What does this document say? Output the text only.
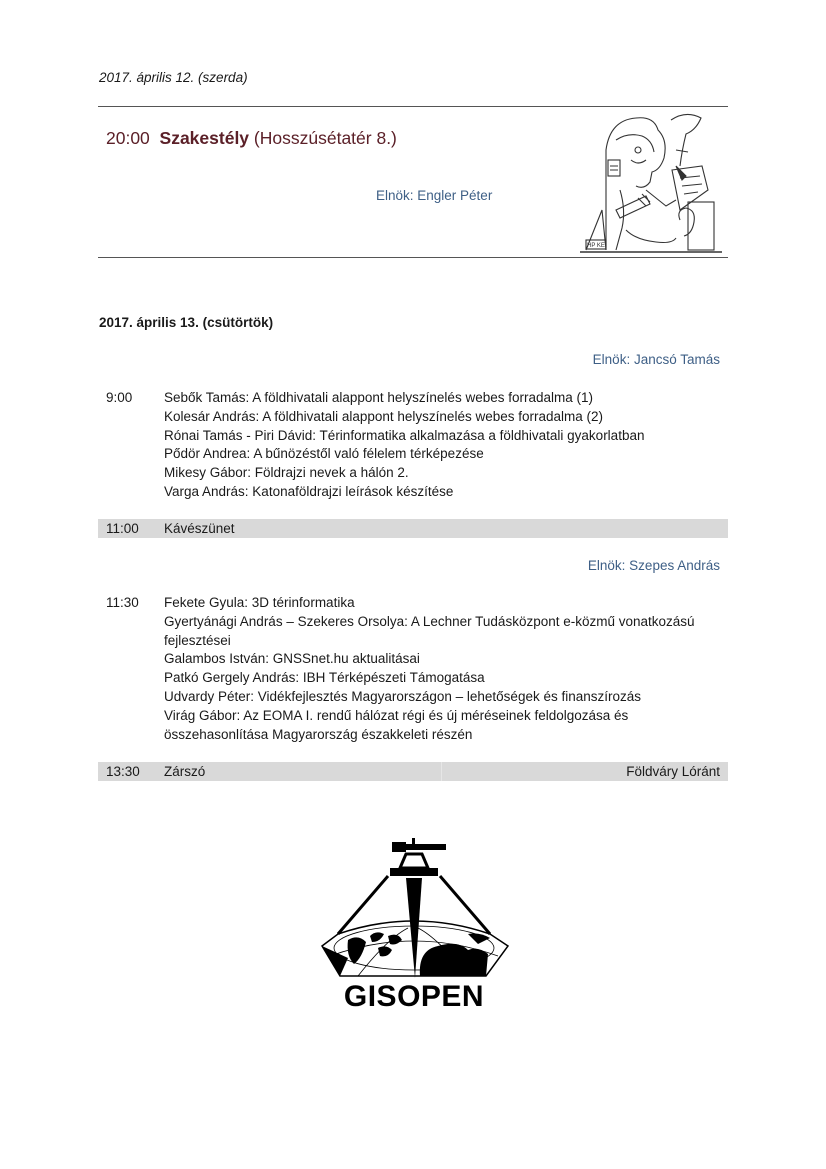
2017. április 12. (szerda)
20:00 Szakestély (Hosszúsétatér 8.)
Elnök: Engler Péter
HP KE
2017. április 13. (csütörtök)
Elnök: Jancsó Tamás
9:00	Sebők Tamás: A földhivatali alappont helyszínelés webes forradalma (1)
Kolesár András: A földhivatali alappont helyszínelés webes forradalma (2)
Rónai Tamás - Piri Dávid: Térinformatika alkalmazása a földhivatali gyakorlatban
Pődör Andrea: A bűnözéstől való félelem térképezése
Mikesy Gábor: Földrajzi nevek a hálón 2.
Varga András: Katonaföldrajzi leírások készítése
11:00	Kávészünet
Elnök: Szepes András
11:30	Fekete Gyula: 3D térinformatika
Gyertyánági András – Szekeres Orsolya: A Lechner Tudásközpont e-közmű vonatkozású fejlesztései
Galambos István: GNSSnet.hu aktualitásai
Patkó Gergely András: IBH Térképészeti Támogatása
Udvardy Péter: Vidékfejlesztés Magyarországon – lehetőségek és finanszírozás
Virág Gábor: Az EOMA I. rendű hálózat régi és új méréseinek feldolgozása és összehasonlítása Magyarország északkeleti részén
13:30	Zárszó	Földváry Lóránt
GISOPEN
